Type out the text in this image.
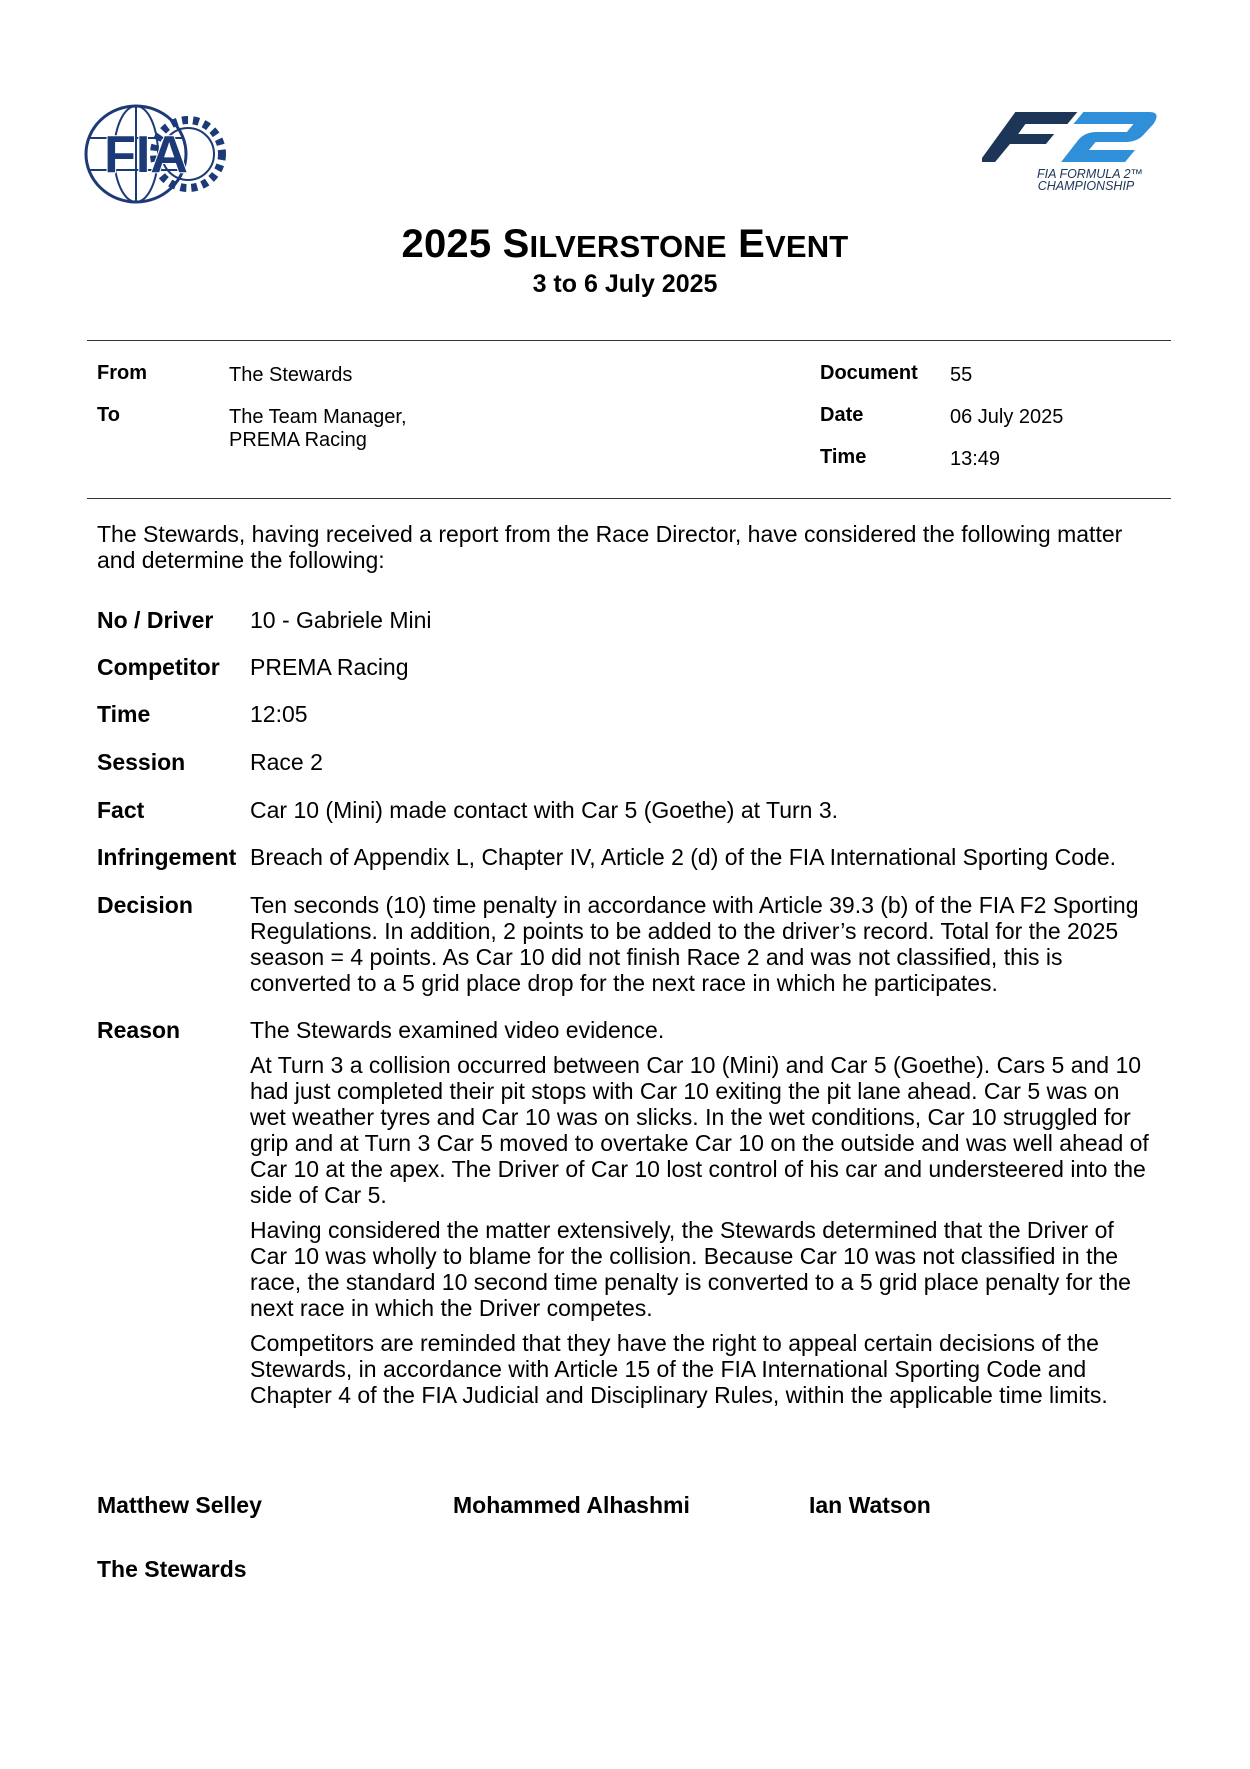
FIA	FIA FORMULA 2™
CHAMPIONSHIP
2025 SILVERSTONE EVENT
3 to 6 July 2025
From	The Stewards
To	The Team Manager,
PREMA Racing
Document 55
Date	06 July 2025
Time	13:49
The Stewards, having received a report from the Race Director, have considered the following matter and determine the following:
No / Driver 10 - Gabriele Mini
Competitor PREMA Racing
Time	12:05
Session	Race 2
Fact	Car 10 (Mini) made contact with Car 5 (Goethe) at Turn 3.
Infringement Breach of Appendix L, Chapter IV, Article 2 (d) of the FIA International Sporting Code.
Decision Ten seconds (10) time penalty in accordance with Article 39.3 (b) of the FIA F2 Sporting Regulations. In addition, 2 points to be added to the driver’s record. Total for the 2025 season = 4 points. As Car 10 did not finish Race 2 and was not classified, this is converted to a 5 grid place drop for the next race in which he participates.
Reason	The Stewards examined video evidence.

At Turn 3 a collision occurred between Car 10 (Mini) and Car 5 (Goethe). Cars 5 and 10 had just completed their pit stops with Car 10 exiting the pit lane ahead. Car 5 was on wet weather tyres and Car 10 was on slicks. In the wet conditions, Car 10 struggled for grip and at Turn 3 Car 5 moved to overtake Car 10 on the outside and was well ahead of Car 10 at the apex. The Driver of Car 10 lost control of his car and understeered into the side of Car 5.

Having considered the matter extensively, the Stewards determined that the Driver of Car 10 was wholly to blame for the collision. Because Car 10 was not classified in the race, the standard 10 second time penalty is converted to a 5 grid place penalty for the next race in which the Driver competes.

Competitors are reminded that they have the right to appeal certain decisions of the Stewards, in accordance with Article 15 of the FIA International Sporting Code and Chapter 4 of the FIA Judicial and Disciplinary Rules, within the applicable time limits.

Matthew Selley	Mohammed Alhashmi	Ian Watson
The Stewards
